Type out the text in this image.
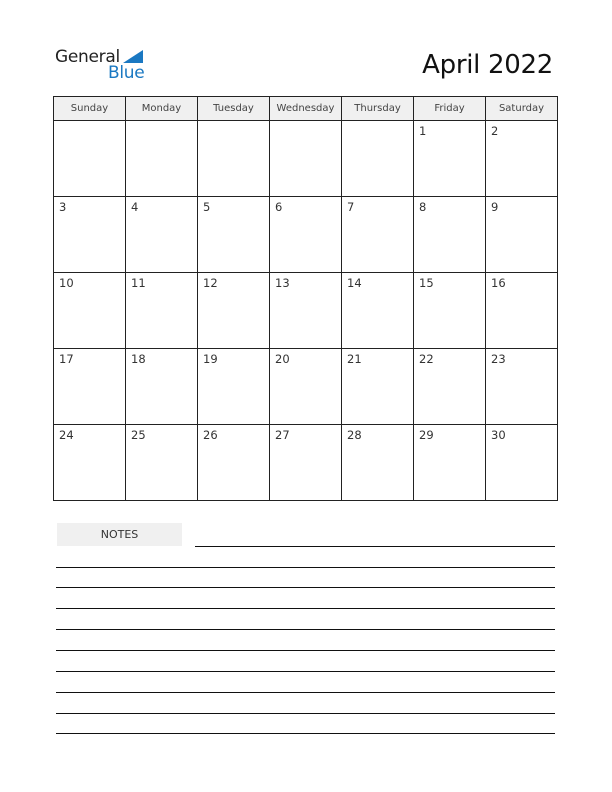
General
Blue	April 2022
Sunday	Monday	Tuesday	Wednesday	Thursday	Friday	Saturday

					1	2

3	4	5	6	7	8	9

10	11	12	13	14	15	16

17	18	19	20	21	22	23

24	25	26	27	28	29	30
NOTES
